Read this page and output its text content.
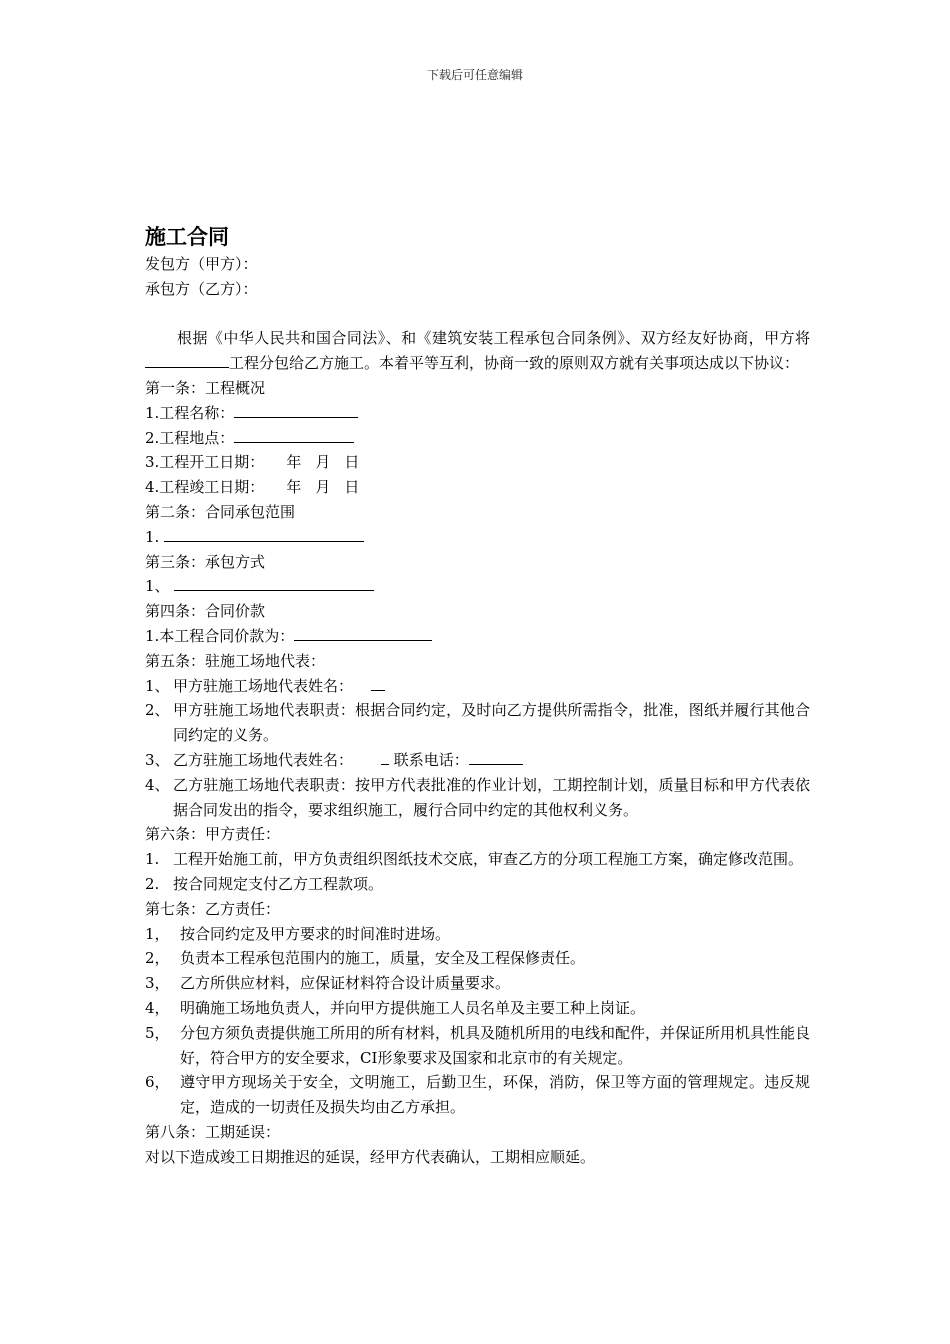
下载后可任意编辑
施工合同
发包方（甲方）：
承包方（乙方）：
根据《中华人民共和国合同法》、和《建筑安装工程承包合同条例》、双方经友好协商，甲方将工程分包给乙方施工。本着平等互利，协商一致的原则双方就有关事项达成以下协议：
第一条：工程概况
1.工程名称：
2.工程地点：
3.工程开工日期： 年 月 日
4.工程竣工日期： 年 月 日
第二条：合同承包范围
1.
第三条：承包方式
1、
第四条：合同价款
1.本工程合同价款为：
第五条：驻施工场地代表：
1、 甲方驻施工场地代表姓名：
2、 甲方驻施工场地代表职责：根据合同约定，及时向乙方提供所需指令，批准，图纸并履行其他合同约定的义务。
3、 乙方驻施工场地代表姓名：	联系电话：
4、 乙方驻施工场地代表职责：按甲方代表批准的作业计划，工期控制计划，质量目标和甲方代表依据合同发出的指令，要求组织施工，履行合同中约定的其他权利义务。
第六条：甲方责任：
1. 工程开始施工前，甲方负责组织图纸技术交底，审查乙方的分项工程施工方案，确定修改范围。
2. 按合同规定支付乙方工程款项。
第七条：乙方责任：
1， 按合同约定及甲方要求的时间准时进场。
2， 负责本工程承包范围内的施工，质量，安全及工程保修责任。
3， 乙方所供应材料，应保证材料符合设计质量要求。
4， 明确施工场地负责人，并向甲方提供施工人员名单及主要工种上岗证。
5， 分包方须负责提供施工所用的所有材料，机具及随机所用的电线和配件，并保证所用机具性能良好，符合甲方的安全要求，CI形象要求及国家和北京市的有关规定。
6， 遵守甲方现场关于安全，文明施工，后勤卫生，环保，消防，保卫等方面的管理规定。违反规定，造成的一切责任及损失均由乙方承担。
第八条：工期延误：
对以下造成竣工日期推迟的延误，经甲方代表确认，工期相应顺延。
